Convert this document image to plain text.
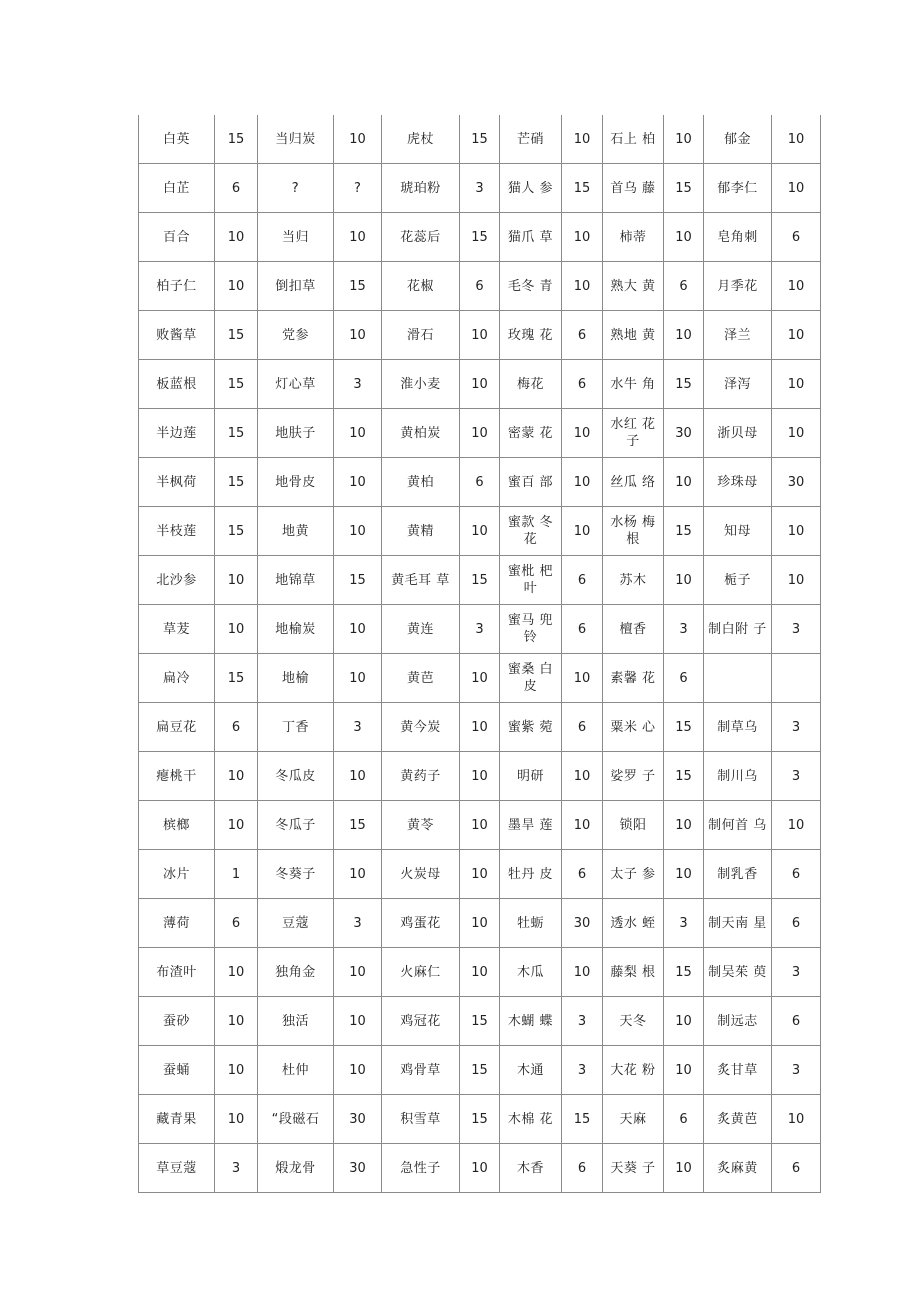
白英	15	当归炭	10	虎杖	15	芒硝	10	石上 柏	10	郁金	10
白芷	6	?	?	琥珀粉	3	猫人 参	15	首乌 藤	15	郁李仁	10
百合	10	当归	10	花蕊后	15	猫爪 草	10	柿蒂	10	皂角刺	6
柏子仁	10	倒扣草	15	花椒	6	毛冬 青	10	熟大 黄	6	月季花	10
败酱草	15	党参	10	滑石	10	玫瑰 花	6	熟地 黄	10	泽兰	10
板蓝根	15	灯心草	3	淮小麦	10	梅花	6	水牛 角	15	泽泻	10
半边莲	15	地肤子	10	黄柏炭	10	密蒙 花	10	水红 花子	30	浙贝母	10
半枫荷	15	地骨皮	10	黄柏	6	蜜百 部	10	丝瓜 络	10	珍珠母	30
半枝莲	15	地黄	10	黄精	10	蜜款 冬花	10	水杨 梅根	15	知母	10
北沙参	10	地锦草	15	黄毛耳 草	15	蜜枇 杷叶	6	苏木	10	栀子	10
草茇	10	地榆炭	10	黄连	3	蜜马 兜铃	6	檀香	3	制白附 子	3
扁冷	15	地榆	10	黄芭	10	蜜桑 白皮	10	素馨 花	6		
扁豆花	6	丁香	3	黄今炭	10	蜜紫 菀	6	粟米 心	15	制草乌	3
瘪桃干	10	冬瓜皮	10	黄药子	10	明研	10	娑罗 子	15	制川乌	3
槟榔	10	冬瓜子	15	黄苓	10	墨旱 莲	10	锁阳	10	制何首 乌	10
冰片	1	冬葵子	10	火炭母	10	牡丹 皮	6	太子 参	10	制乳香	6
薄荷	6	豆蔻	3	鸡蛋花	10	牡蛎	30	透水 蛭	3	制天南 星	6
布渣叶	10	独角金	10	火麻仁	10	木瓜	10	藤梨 根	15	制吴茱 萸	3
蚕砂	10	独活	10	鸡冠花	15	木蝴 蝶	3	天冬	10	制远志	6
蚕蛹	10	杜仲	10	鸡骨草	15	木通	3	大花 粉	10	炙甘草	3
藏青果	10	“段磁石	30	积雪草	15	木棉 花	15	天麻	6	炙黄芭	10
草豆蔻	3	煅龙骨	30	急性子	10	木香	6	天葵 子	10	炙麻黄	6
